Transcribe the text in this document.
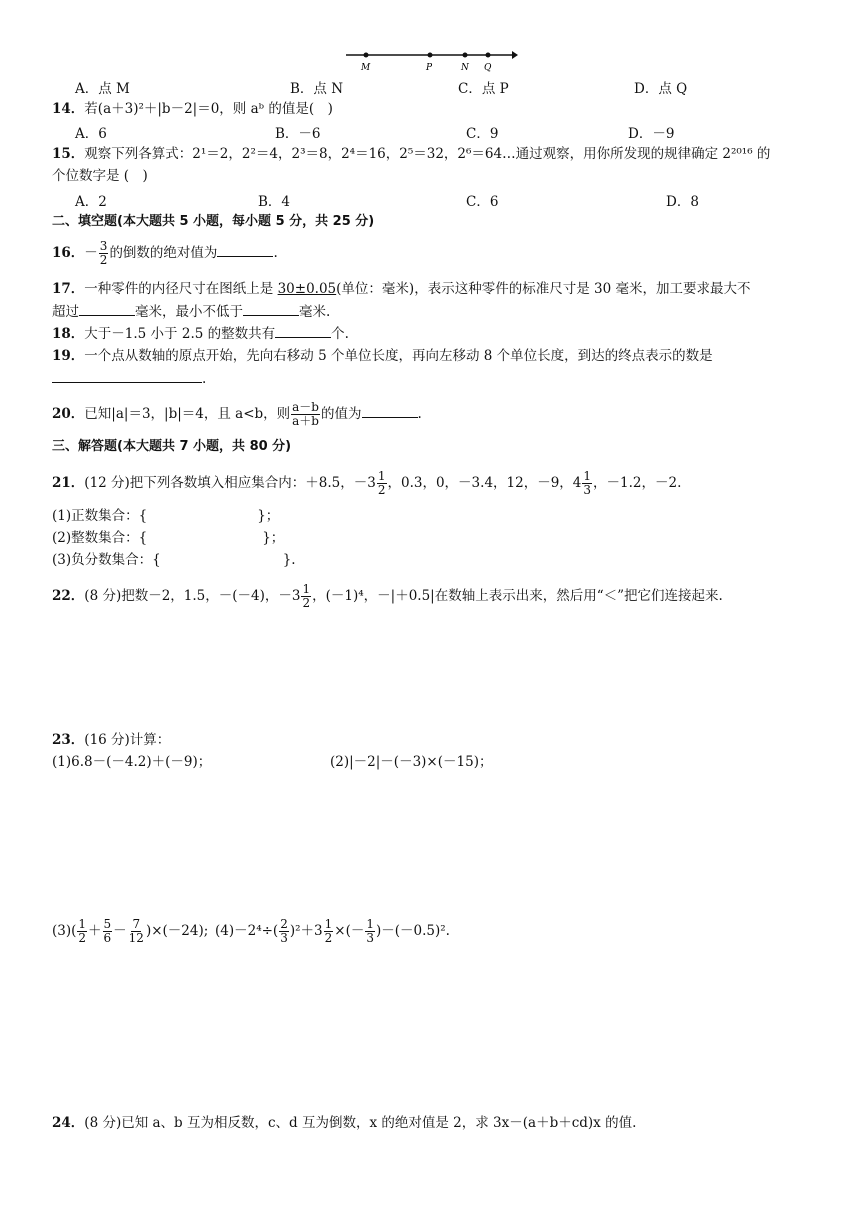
M	P	N Q
A．点 M	B．点 N	C．点 P	D．点 Q
14．若(a＋3)²＋|b－2|＝0，则 aᵇ 的值是(　)
A．6	B．－6	C．9	D．－9
15．观察下列各算式：2¹＝2，2²＝4，2³＝8，2⁴＝16，2⁵＝32，2⁶＝64…通过观察，用你所发现的规律确定 2²⁰¹⁶ 的
个位数字是 (　)
A．2	B．4	C．6	D．8
二、填空题(本大题共 5 小题，每小题 5 分，共 25 分)
16．－ $\frac{3}{2}$ 的倒数的绝对值为	.
17．一种零件的内径尺寸在图纸上是 30±0.05(单位：毫米)，表示这种零件的标准尺寸是 30 毫米，加工要求最大不
超过	毫米，最小不低于	毫米.
18．大于－1.5 小于 2.5 的整数共有	个.
19．一个点从数轴的原点开始，先向右移动 5 个单位长度，再向左移动 8 个单位长度，到达的终点表示的数是
.
20．已知|a|＝3，|b|＝4，且 a<b，则 $\frac{a-b}{a+b}$ 的值为	.
三、解答题(本大题共 7 小题，共 80 分)
21．(12 分)把下列各数填入相应集合内：＋8.5，$-3 \frac{1}{2}$ ，0.3，0，－3.4，12，－9，$4 \frac{1}{3}$ ，－1.2，－2.
(1)正数集合：{	}；
(2)整数集合：{	}；
(3)负分数集合：{	}.
22．(8 分)把数－2，1.5，－(－4)，$-3 \frac{1}{2}$ ，(－1)⁴，－|＋0.5|在数轴上表示出来，然后用“＜”把它们连接起来.
23．(16 分)计算：
(1)6.8－(－4.2)＋(－9)；	(2)|－2|－(－3)×(－15)；
$(3)( \frac{1}{2} + \frac{5}{6} - \frac{7}{12} )\times(-24)$; $(4)-2^4\div( \frac{2}{3} )^2+3 \frac{1}{2}$ ×(－ $\frac{1}{3} )-(-0.5)^2$.
24．(8 分)已知 a、b 互为相反数，c、d 互为倒数，x 的绝对值是 2，求 3x－(a＋b＋cd)x 的值.
